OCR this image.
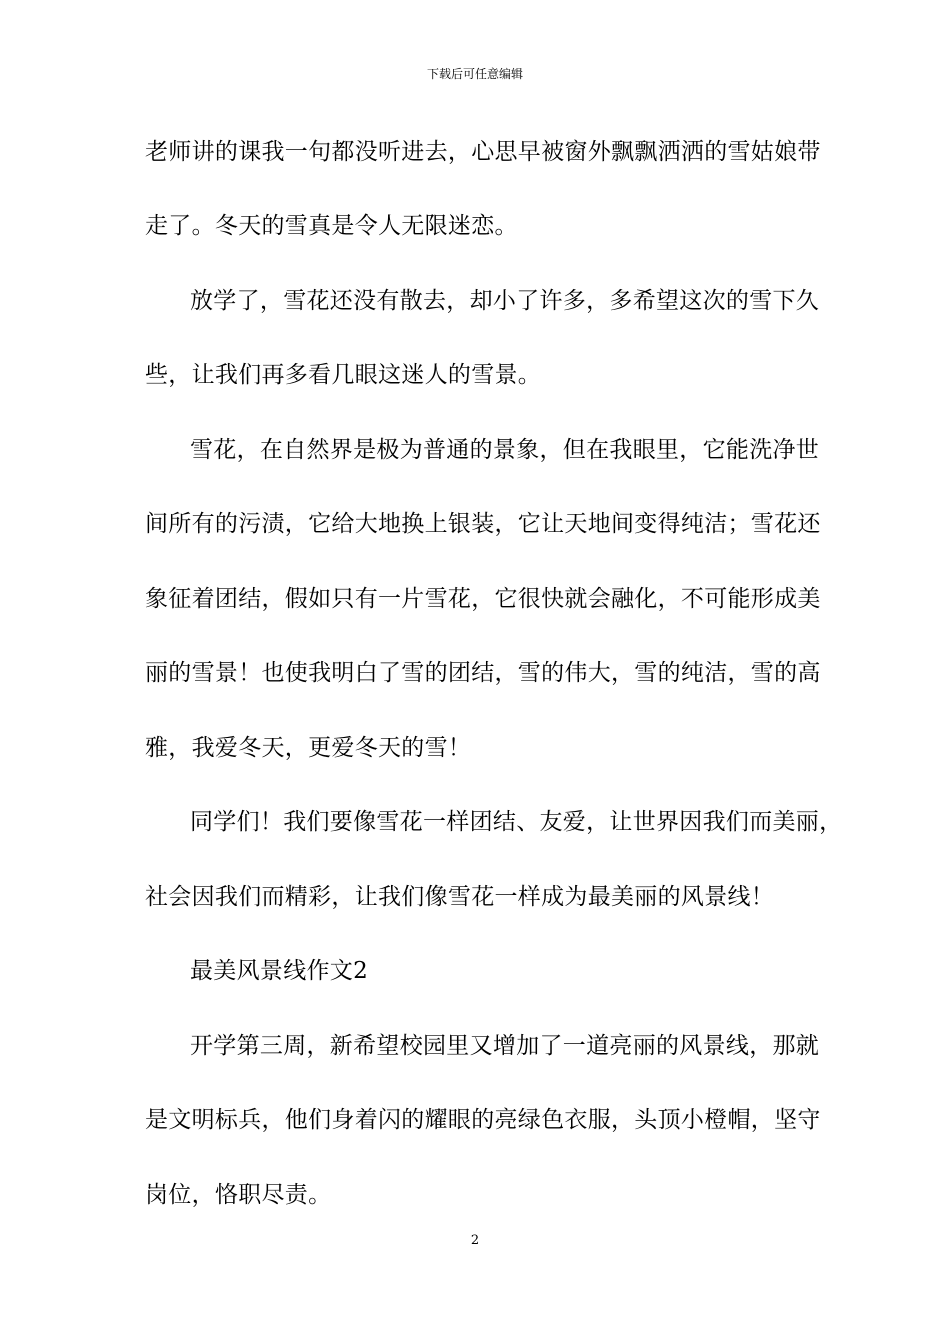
下载后可任意编辑
老师讲的课我一句都没听进去，心思早被窗外飘飘洒洒的雪姑娘带
走了。冬天的雪真是令人无限迷恋。
放学了，雪花还没有散去，却小了许多，多希望这次的雪下久
些，让我们再多看几眼这迷人的雪景。
雪花，在自然界是极为普通的景象，但在我眼里，它能洗净世
间所有的污渍，它给大地换上银装，它让天地间变得纯洁；雪花还
象征着团结，假如只有一片雪花，它很快就会融化，不可能形成美
丽的雪景！也使我明白了雪的团结，雪的伟大，雪的纯洁，雪的高
雅，我爱冬天，更爱冬天的雪！
同学们！我们要像雪花一样团结、友爱，让世界因我们而美丽，
社会因我们而精彩，让我们像雪花一样成为最美丽的风景线！
最美风景线作文2
开学第三周，新希望校园里又增加了一道亮丽的风景线，那就
是文明标兵，他们身着闪的耀眼的亮绿色衣服，头顶小橙帽，坚守
岗位，恪职尽责。
2
